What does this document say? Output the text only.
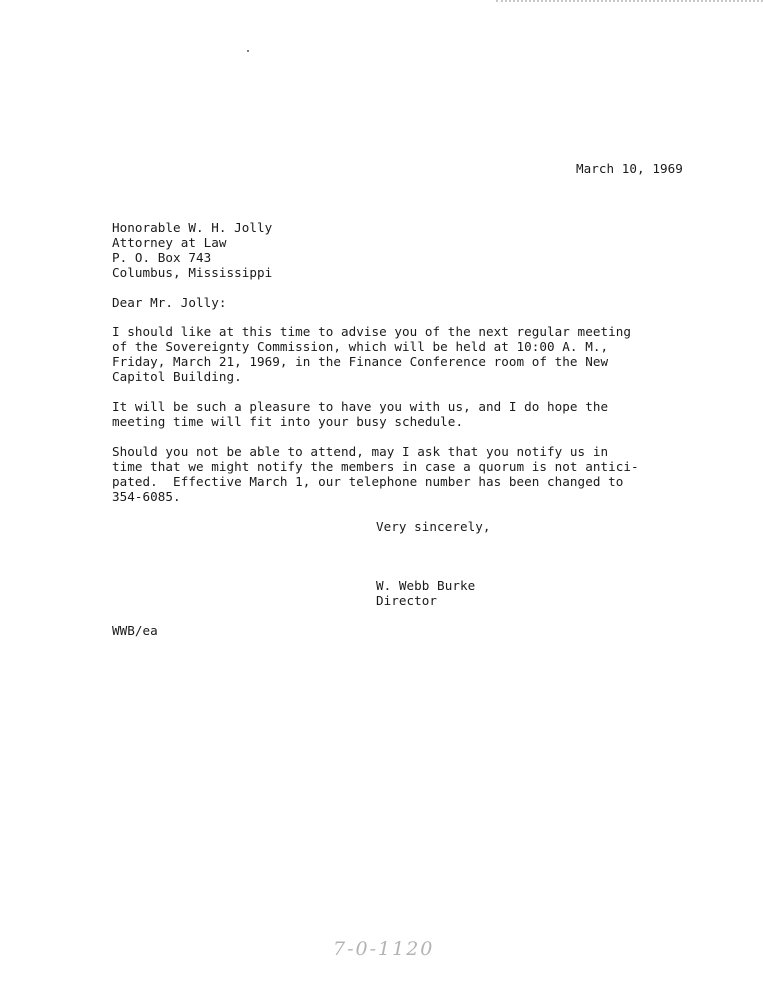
March 10, 1969
Honorable W. H. Jolly
Attorney at Law
P. O. Box 743
Columbus, Mississippi
Dear Mr. Jolly:
I should like at this time to advise you of the next regular meeting
of the Sovereignty Commission, which will be held at 10:00 A. M.,
Friday, March 21, 1969, in the Finance Conference room of the New
Capitol Building.
It will be such a pleasure to have you with us, and I do hope the
meeting time will fit into your busy schedule.
Should you not be able to attend, may I ask that you notify us in
time that we might notify the members in case a quorum is not antici-
pated.  Effective March 1, our telephone number has been changed to
354-6085.
Very sincerely,
W. Webb Burke
Director
WWB/ea
7-0-1120
